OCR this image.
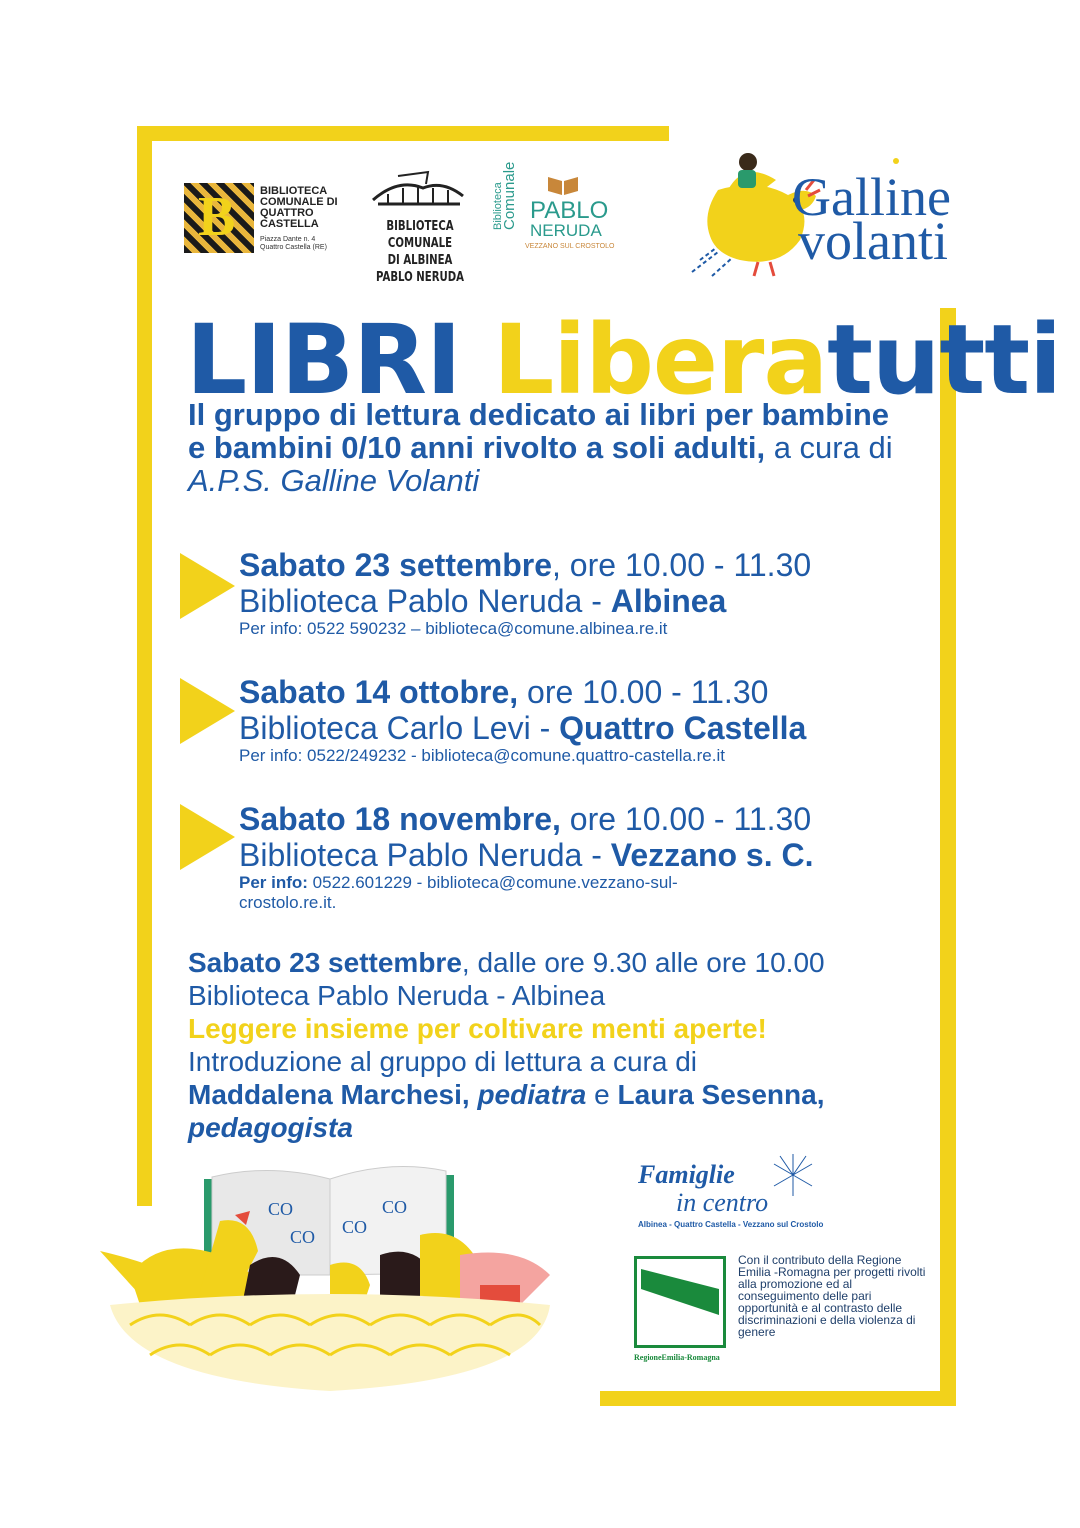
B BIBLIOTECA
COMUNALE DI
QUATTRO
CASTELLA
Piazza Dante n. 4
Quattro Castella (RE)
BIBLIOTECA COMUNALE
DI ALBINEA
PABLO NERUDA
Biblioteca
Comunale PABLO
NERUDA
VEZZANO SUL CROSTOLO
Galline
volanti
LIBRI Liberatutti
Il gruppo di lettura dedicato ai libri per bambine e bambini 0/10 anni rivolto a soli adulti, a cura di A.P.S. Galline Volanti
Sabato 23 settembre, ore 10.00 - 11.30
Biblioteca Pablo Neruda - Albinea
Per info: 0522 590232 – biblioteca@comune.albinea.re.it
Sabato 14 ottobre, ore 10.00 - 11.30
Biblioteca Carlo Levi - Quattro Castella
Per info: 0522/249232 - biblioteca@comune.quattro-castella.re.it
Sabato 18 novembre, ore 10.00 - 11.30
Biblioteca Pablo Neruda - Vezzano s. C.
Per info: 0522.601229 - biblioteca@comune.vezzano-sul-
crostolo.re.it.
Sabato 23 settembre, dalle ore 9.30 alle ore 10.00
Biblioteca Pablo Neruda - Albinea
Leggere insieme per coltivare menti aperte!
Introduzione al gruppo di lettura a cura di
Maddalena Marchesi, pediatra e Laura Sesenna,
pedagogista
CO
CO CO
CO
Famiglie
in centro
Albinea - Quattro Castella - Vezzano sul Crostolo
RegioneEmilia-Romagna
Con il contributo della Regione Emilia -Romagna per progetti rivolti alla promozione ed al conseguimento delle pari opportunità e al contrasto delle discriminazioni e della violenza di genere
